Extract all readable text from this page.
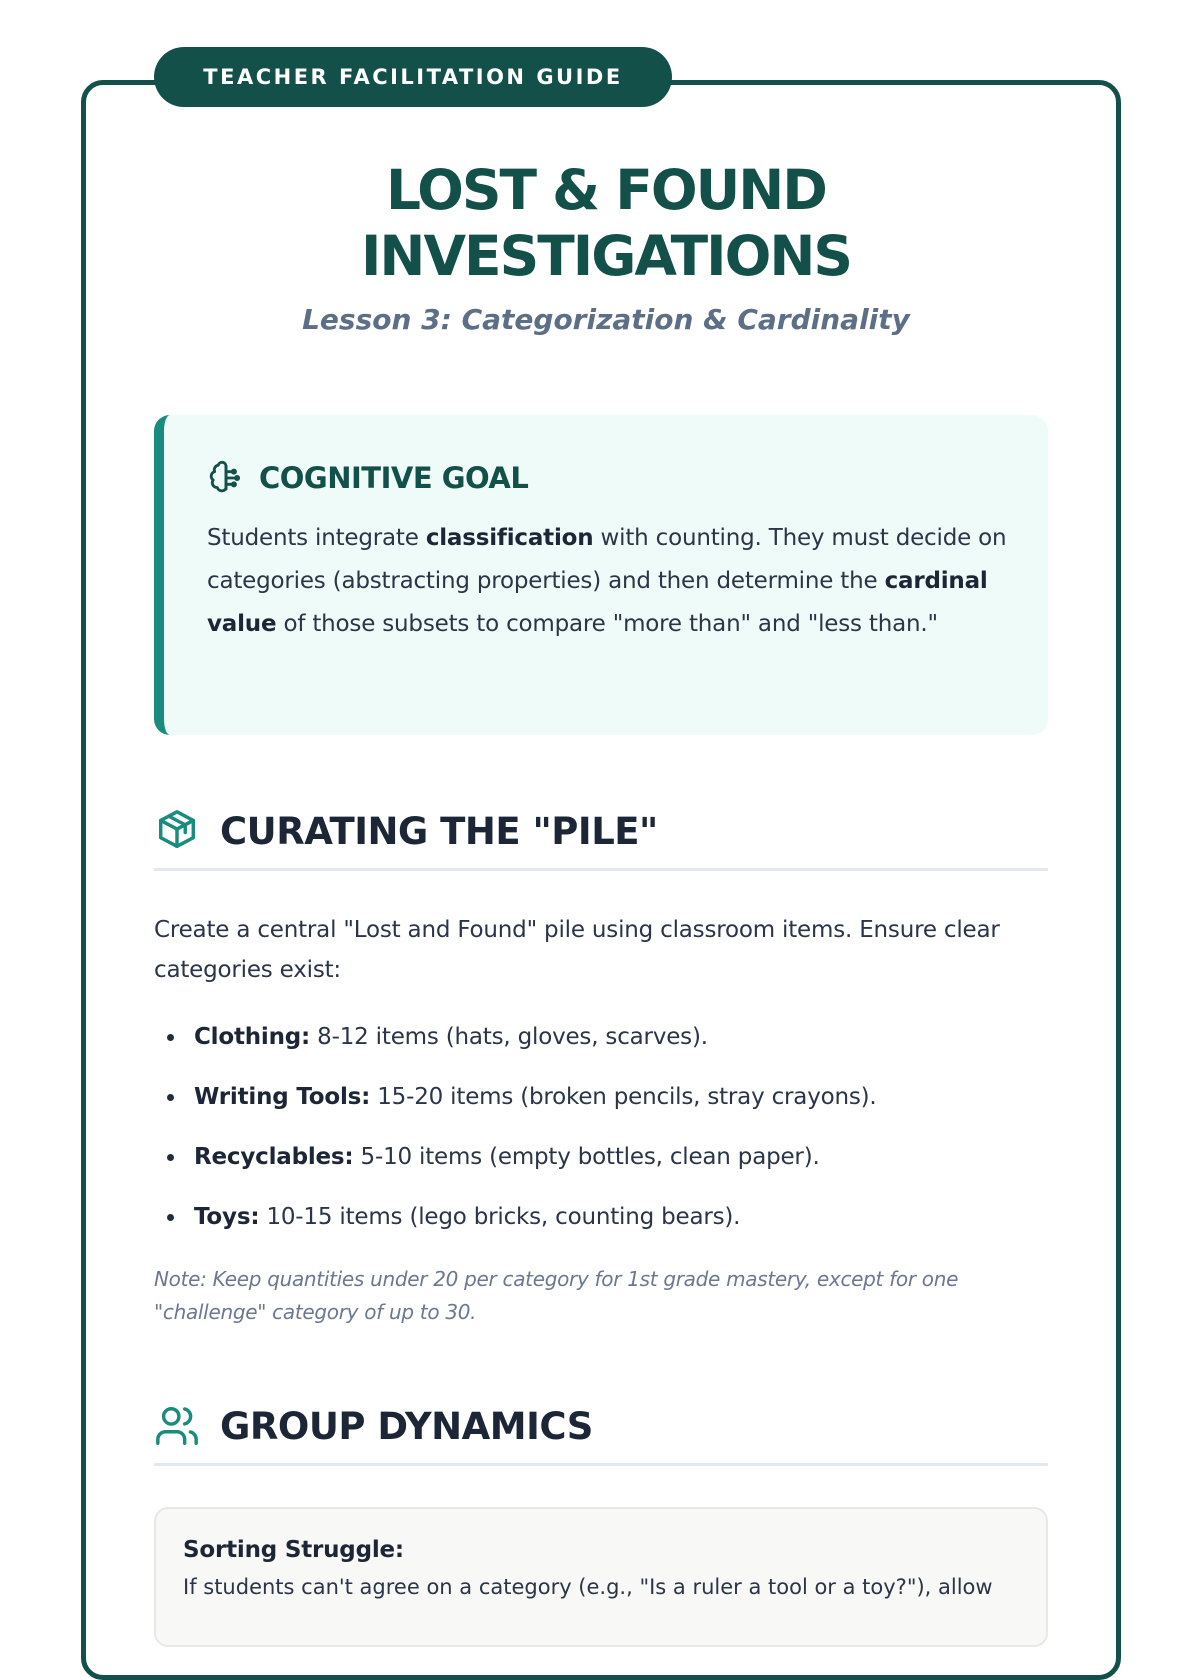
TEACHER FACILITATION GUIDE
LOST & FOUND
INVESTIGATIONS
Lesson 3: Categorization & Cardinality
COGNITIVE GOAL

Students integrate classification with counting. They must decide on categories (abstracting properties) and then determine the cardinal value of those subsets to compare "more than" and "less than."

CURATING THE "PILE"

Create a central "Lost and Found" pile using classroom items. Ensure clear categories exist:

Clothing: 8-12 items (hats, gloves, scarves).
Writing Tools: 15-20 items (broken pencils, stray crayons).
Recyclables: 5-10 items (empty bottles, clean paper).
Toys: 10-15 items (lego bricks, counting bears).

Note: Keep quantities under 20 per category for 1st grade mastery, except for one "challenge" category of up to 30.

GROUP DYNAMICS
Sorting Struggle:
If students can't agree on a category (e.g., "Is a ruler a tool or a toy?"), allow
